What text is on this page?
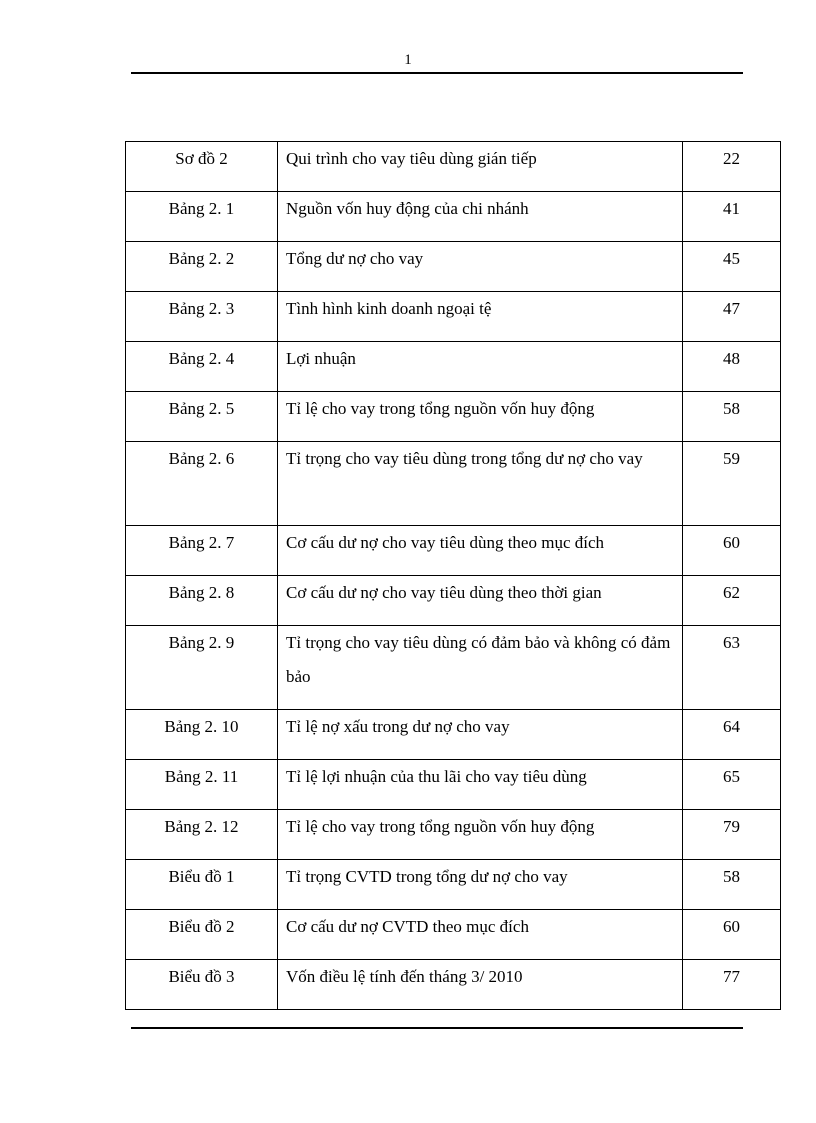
1
Sơ đồ 2	Qui trình cho vay tiêu dùng gián tiếp	22
Bảng 2. 1	Nguồn vốn huy động của chi nhánh	41
Bảng 2. 2	Tổng dư nợ cho vay	45
Bảng 2. 3	Tình hình kinh doanh ngoại tệ	47
Bảng 2. 4	Lợi nhuận	48
Bảng 2. 5	Tỉ lệ cho vay trong tổng nguồn vốn huy động	58
Bảng 2. 6	Tỉ trọng cho vay tiêu dùng trong tổng dư nợ cho vay	59
Bảng 2. 7	Cơ cấu dư nợ cho vay tiêu dùng theo mục đích	60
Bảng 2. 8	Cơ cấu dư nợ cho vay tiêu dùng theo thời gian	62
Bảng 2. 9	Tỉ trọng cho vay tiêu dùng có đảm bảo và không có đảm bảo	63
Bảng 2. 10	Tỉ lệ nợ xấu trong dư nợ cho vay	64
Bảng 2. 11	Tỉ lệ lợi nhuận của thu lãi cho vay tiêu dùng	65
Bảng 2. 12	Tỉ lệ cho vay trong tổng nguồn vốn huy động	79
Biểu đồ 1	Tỉ trọng CVTD trong tổng dư nợ cho vay	58
Biểu đồ 2	Cơ cấu dư nợ CVTD theo mục đích	60
Biểu đồ 3	Vốn điều lệ tính đến tháng 3/ 2010	77
